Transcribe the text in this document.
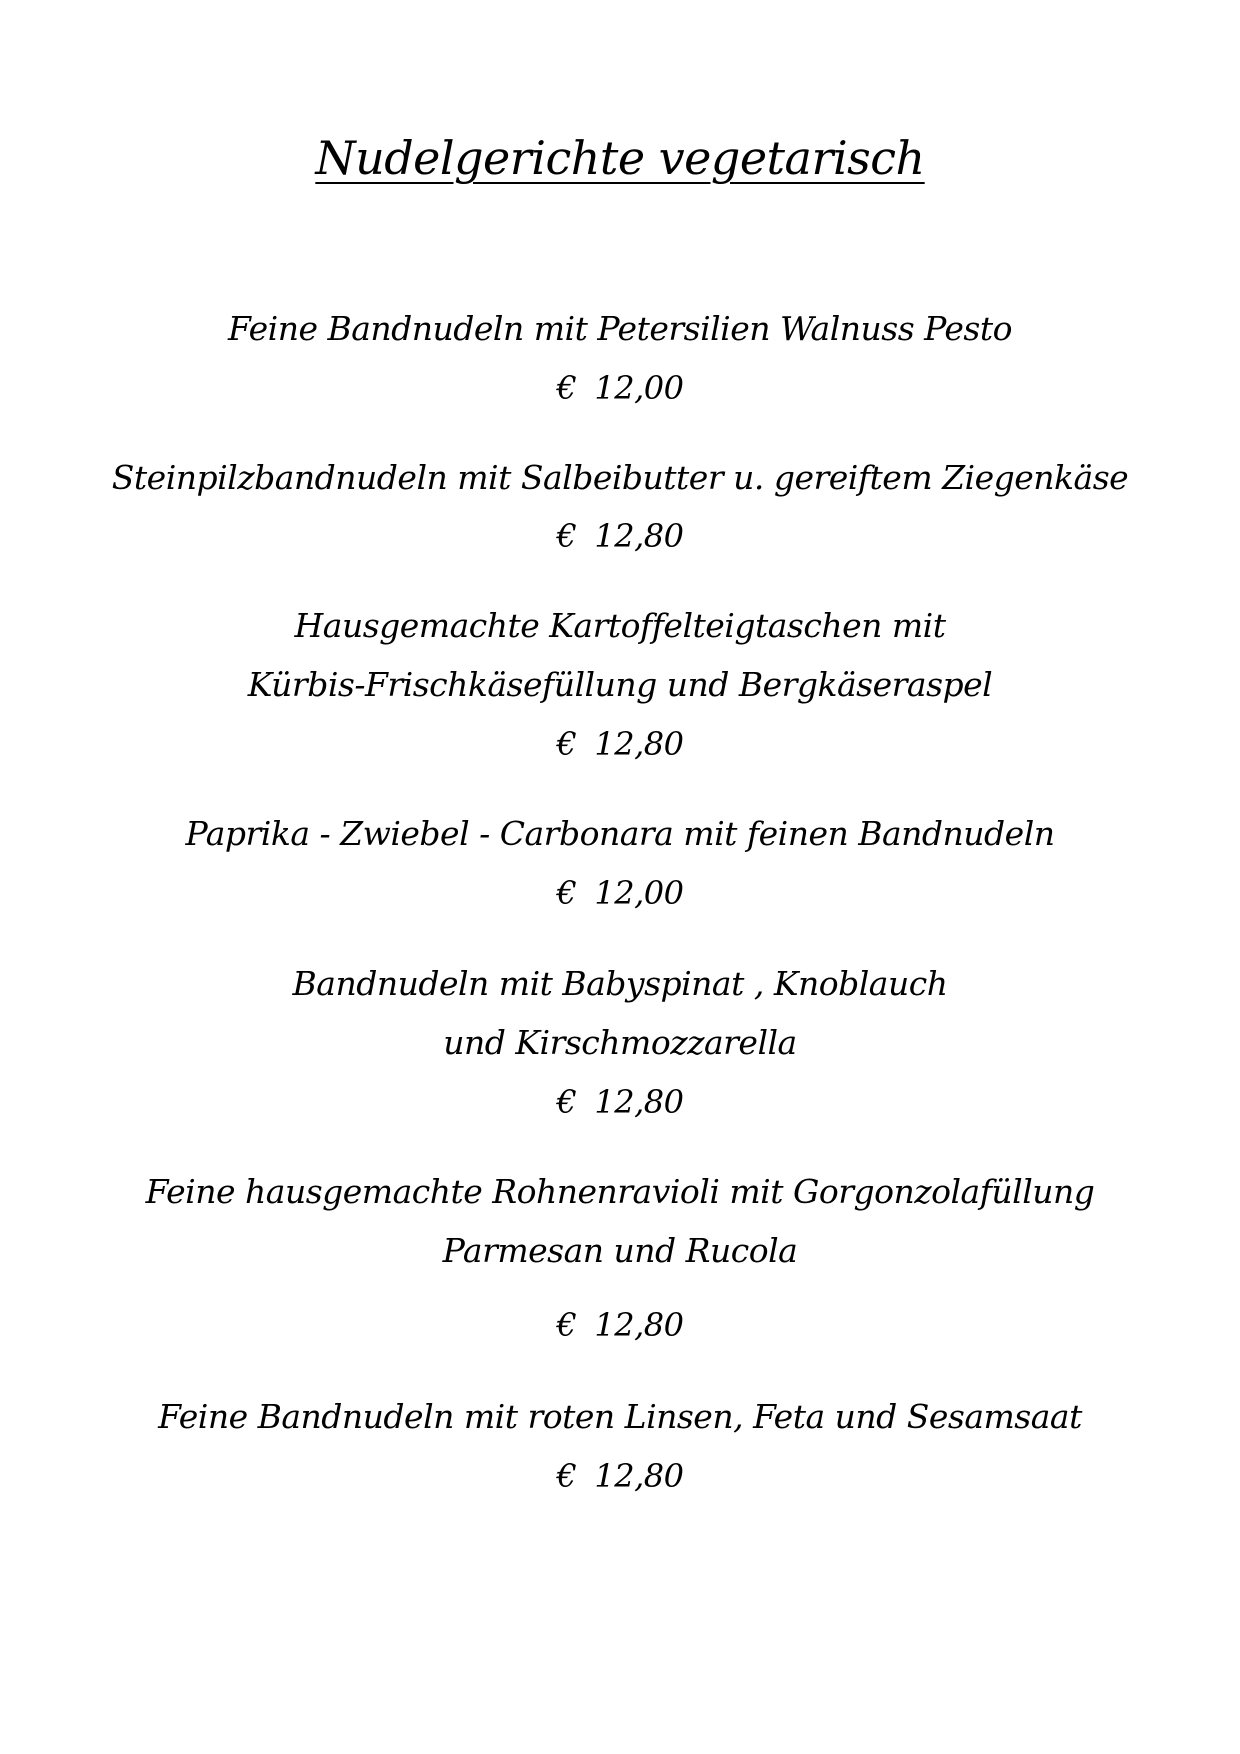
Nudelgerichte vegetarisch

Feine Bandnudeln mit Petersilien Walnuss Pesto

€ 12,00

Steinpilzbandnudeln mit Salbeibutter u. gereiftem Ziegenkäse

€ 12,80

Hausgemachte Kartoffelteigtaschen mit

Kürbis-Frischkäsefüllung und Bergkäseraspel

€ 12,80

Paprika - Zwiebel - Carbonara mit feinen Bandnudeln

€ 12,00

Bandnudeln mit Babyspinat , Knoblauch

und Kirschmozzarella

€ 12,80

Feine hausgemachte Rohnenravioli mit Gorgonzolafüllung

Parmesan und Rucola

€ 12,80

Feine Bandnudeln mit roten Linsen, Feta und Sesamsaat

€ 12,80
